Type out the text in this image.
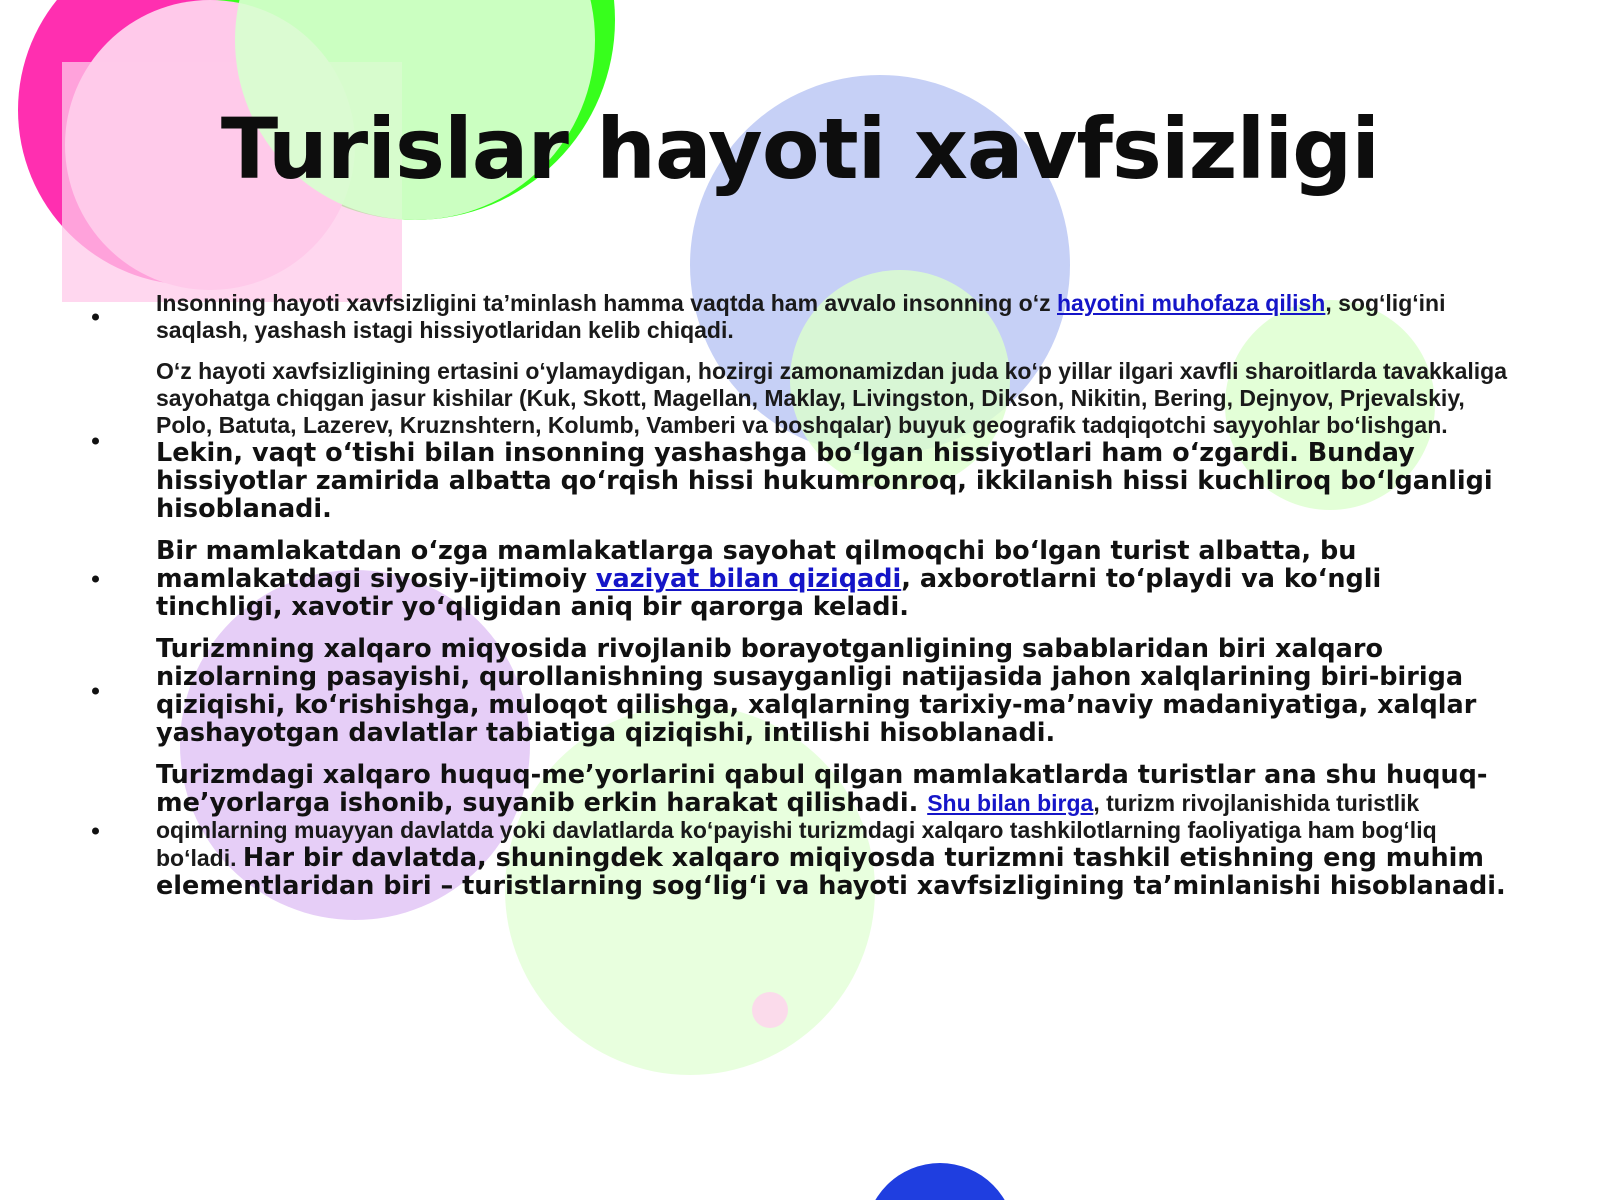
Turislar hayoti xavfsizligi
Insonning hayoti xavfsizligini taʼminlash hamma vaqtda ham avvalo insonning oʻz hayotini muhofaza qilish, sogʻligʻini saqlash, yashash istagi hissiyotlaridan kelib chiqadi.
Oʻz hayoti xavfsizligining ertasini oʻylamaydigan, hozirgi zamonamizdan juda koʻp yillar ilgari xavfli sharoitlarda tavakkaliga sayohatga chiqgan jasur kishilar (Kuk, Skott, Magellan, Maklay, Livingston, Dikson, Nikitin, Bering, Dejnyov, Prjevalskiy, Polo, Batuta, Lazerev, Kruznshtern, Kolumb, Vamberi va boshqalar) buyuk geografik tadqiqotchi sayyohlar boʻlishgan. Lekin, vaqt oʻtishi bilan insonning yashashga boʻlgan hissiyotlari ham oʻzgardi. Bunday hissiyotlar zamirida albatta qoʻrqish hissi hukumronroq, ikkilanish hissi kuchliroq boʻlganligi hisoblanadi.
Bir mamlakatdan oʻzga mamlakatlarga sayohat qilmoqchi boʻlgan turist albatta, bu mamlakatdagi siyosiy-ijtimoiy vaziyat bilan qiziqadi, axborotlarni toʻplaydi va koʻngli tinchligi, xavotir yoʻqligidan aniq bir qarorga keladi.
Turizmning xalqaro miqyosida rivojlanib borayotganligining sabablaridan biri xalqaro nizolarning pasayishi, qurollanishning susayganligi natijasida jahon xalqlarining biri-biriga qiziqishi, koʻrishishga, muloqot qilishga, xalqlarning tarixiy-maʼnaviy madaniyatiga, xalqlar yashayotgan davlatlar tabiatiga qiziqishi, intilishi hisoblanadi.
Turizmdagi xalqaro huquq-meʼyorlarini qabul qilgan mamlakatlarda turistlar ana shu huquq-meʼyorlarga ishonib, suyanib erkin harakat qilishadi. Shu bilan birga, turizm rivojlanishida turistlik oqimlarning muayyan davlatda yoki davlatlarda koʻpayishi turizmdagi xalqaro tashkilotlarning faoliyatiga ham bogʻliq boʻladi. Har bir davlatda, shuningdek xalqaro miqiyosda turizmni tashkil etishning eng muhim elementlaridan biri – turistlarning sogʻligʻi va hayoti xavfsizligining taʼminlanishi hisoblanadi.
